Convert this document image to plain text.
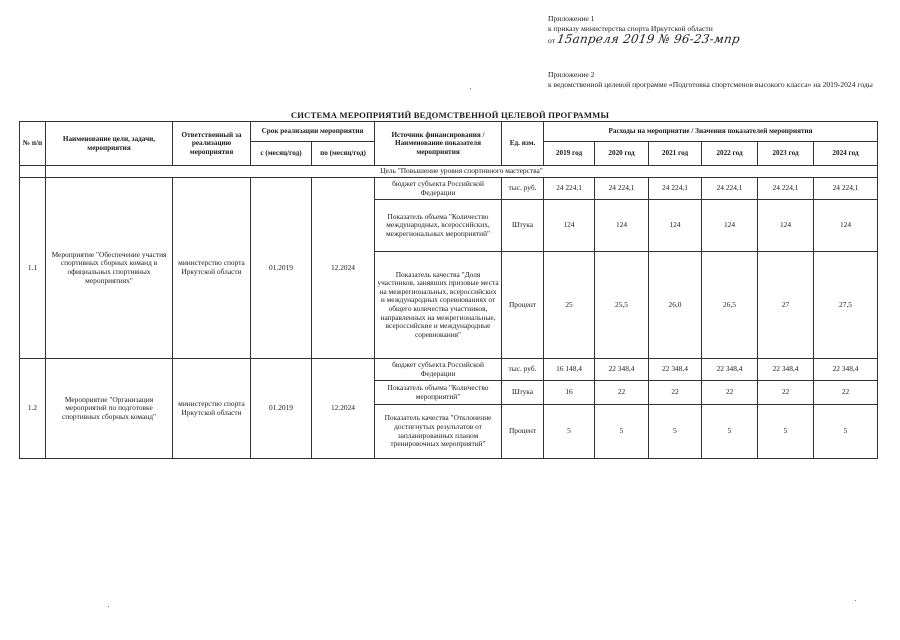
Приложение 1
к приказу министерства спорта Иркутской области
от15апреля 2019 № 96-23-мпр
Приложение 2
к ведомственной целевой программе «Подготовка спортсменов высокого класса» на 2019-2024 годы
СИСТЕМА МЕРОПРИЯТИЙ ВЕДОМСТВЕННОЙ ЦЕЛЕВОЙ ПРОГРАММЫ
№ п/п	Наименование цели, задачи, мероприятия	Ответственный за реализацию мероприятия	Срок реализации мероприятия		Источник финансирования / Наименование показателя мероприятия	Ед. изм.	Расходы на мероприятие / Значения показателей мероприятия					
			с (месяц/год)	по (месяц/год)			2019 год	2020 год	2021 год	2022 год	2023 год	2024 год
	Цель "Повышение уровня спортивного мастерства"											
1.1	Мероприятие "Обеспечение участия спортивных сборных команд в официальных спортивных мероприятиях"	министерство спорта Иркутской области	01.2019	12.2024	бюджет субъекта Российской Федерации	тыс. руб.	24 224,1	24 224,1	24 224,1	24 224,1	24 224,1	24 224,1
					Показатель объема "Количество международных, всероссийских, межрегиональных мероприятий"	Штука	124	124	124	124	124	124
					Показатель качества "Доля участников, занявших призовые места на межрегиональных, всероссийских и международных соревнованиях от общего количества участников, направленных на межрегиональные, всероссийские и международные соревнования"	Процент	25	25,5	26,0	26,5	27	27,5
1.2	Мероприятие "Организация мероприятий по подготовке спортивных сборных команд"	министерство спорта Иркутской области	01.2019	12.2024	бюджет субъекта Российской Федерации	тыс. руб.	16 148,4	22 348,4	22 348,4	22 348,4	22 348,4	22 348,4
					Показатель объема "Количество мероприятий"	Штука	16	22	22	22	22	22
					Показатель качества "Отклонение достигнутых результатов от запланированных планом тренировочных мероприятий"	Процент	5	5	5	5	5	5
